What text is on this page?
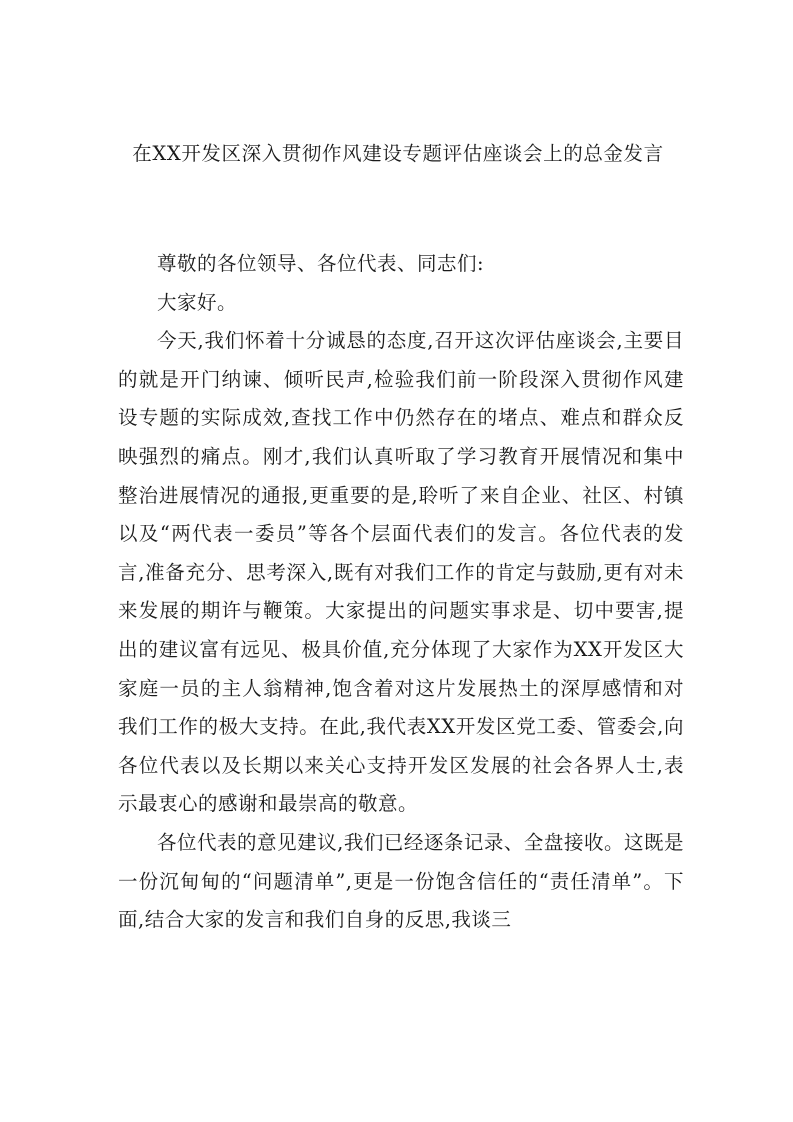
在XX开发区深入贯彻作风建设专题评估座谈会上的总金发言

尊敬的各位领导、各位代表、同志们:

大家好。

今天,我们怀着十分诚恳的态度,召开这次评估座谈会,主要目的就是开门纳谏、倾听民声,检验我们前一阶段深入贯彻作风建设专题的实际成效,查找工作中仍然存在的堵点、难点和群众反映强烈的痛点。刚才,我们认真听取了学习教育开展情况和集中整治进展情况的通报,更重要的是,聆听了来自企业、社区、村镇以及“两代表一委员”等各个层面代表们的发言。各位代表的发言,准备充分、思考深入,既有对我们工作的肯定与鼓励,更有对未来发展的期许与鞭策。大家提出的问题实事求是、切中要害,提出的建议富有远见、极具价值,充分体现了大家作为XX开发区大家庭一员的主人翁精神,饱含着对这片发展热土的深厚感情和对我们工作的极大支持。在此,我代表XX开发区党工委、管委会,向各位代表以及长期以来关心支持开发区发展的社会各界人士,表示最衷心的感谢和最崇高的敬意。

各位代表的意见建议,我们已经逐条记录、全盘接收。这既是一份沉甸甸的“问题清单”,更是一份饱含信任的“责任清单”。下面,结合大家的发言和我们自身的反思,我谈三
